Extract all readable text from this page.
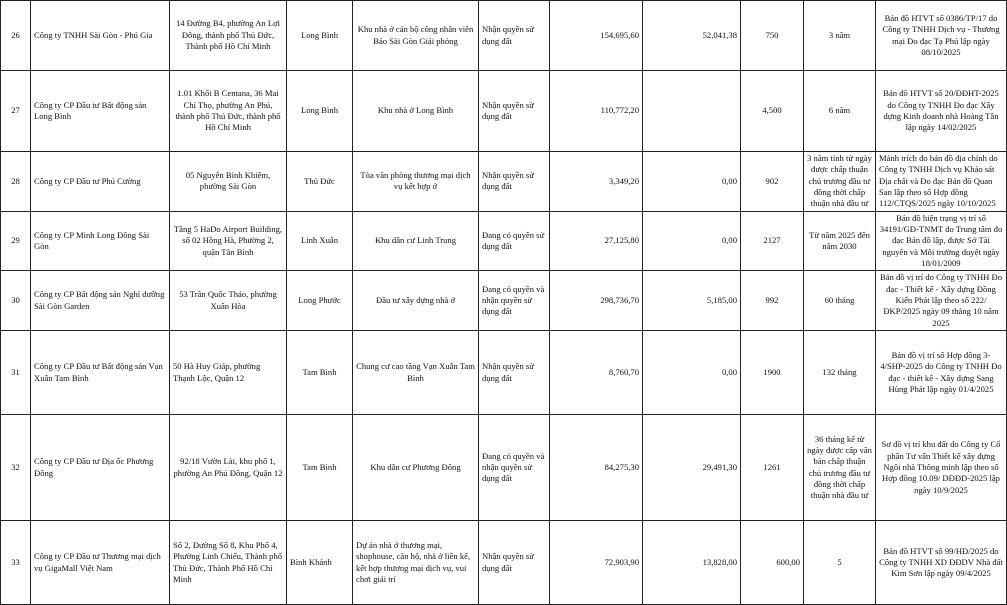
26	Công ty TNHH Sài Gòn - Phú Gia	14 Đường B4, phường An Lợi Đông, thành phố Thủ Đức, Thành phố Hồ Chí Minh	Long Bình	Khu nhà ở cán bộ công nhân viên Báo Sài Gòn Giải phóng	Nhận quyền sử dụng đất	154,695,60	52,041,38	750	3 năm	Bản đồ HTVT số 0386/TP/17 do Công ty TNHH Dịch vụ - Thương mại Đo đạc Tạ Phú lập ngày 08/10/2025
27	Công ty CP Đầu tư Bất động sản Long Bình	1.01 Khối B Centana, 36 Mai Chí Thọ, phường An Phú, thành phố Thủ Đức, thành phố Hồ Chí Minh	Long Bình	Khu nhà ở Long Bình	Nhận quyền sử dụng đất	110,772,20		4,500	6 năm	Bản đồ HTVT số 20/ĐĐHT-2025 do Công ty TNHH Đo đạc Xây dựng Kinh doanh nhà Hoàng Tân lập ngày 14/02/2025
28	Công ty CP Đầu tư Phú Cường	05 Nguyễn Bỉnh Khiêm, phường Sài Gòn	Thủ Đức	Tòa văn phòng thương mại dịch vụ kết hợp ở	Nhận quyền sử dụng đất	3,349,20	0,00	902	3 năm tính từ ngày được chấp thuận chủ trương đầu tư đồng thời chấp thuận nhà đầu tư	Mảnh trích đo bản đồ địa chính do Công ty TNHH Dịch vụ Khảo sát Địa chất và Đo đạc Bản đồ Quan San lập theo số Hợp đồng 112/CTQS/2025 ngày 10/10/2025
29	Công ty CP Minh Long Đông Sài Gòn	Tầng 5 HaDo Airport Building, số 02 Hồng Hà, Phường 2, quận Tân Bình	Linh Xuân	Khu dân cư Linh Trung	Đang có quyền sử dụng đất	27,125,80	0,00	2127	Từ năm 2025 đến năm 2030	Bản đồ hiện trạng vị trí số 34191/GĐ-TNMT do Trung tâm đo đạc Bản đồ lập, được Sở Tài nguyên và Môi trường duyệt ngày 18/01/2009
30	Công ty CP Bất động sản Nghỉ dưỡng Sài Gòn Garden	53 Trần Quốc Thảo, phường Xuân Hòa	Long Phước	Đầu tư xây dựng nhà ở	Đang có quyền và nhận quyền sử dụng đất	298,736,70	5,185,00	992	60 tháng	Bản đồ vị trí do Công ty TNHH Đo đạc - Thiết kế - Xây dựng Đồng Kiến Phát lập theo số 222/ĐKP/2025 ngày 09 tháng 10 năm 2025
31	Công ty CP Đầu tư Bất động sản Vạn Xuân Tam Bình	50 Hà Huy Giáp, phường Thạnh Lộc, Quận 12	Tam Bình	Chung cư cao tầng Vạn Xuân Tam Bình	Nhận quyền sử dụng đất	8,760,70	0,00	1900	132 tháng	Bản đồ vị trí số Hợp đồng 3-4/SHP-2025 do Công ty TNHH Đo đạc - thiết kế - Xây dựng Sang Hùng Phát lập ngày 01/4/2025
32	Công ty CP Đầu tư Địa ốc Phương Đông	92/18 Vườn Lài, khu phố 1, phường An Phú Đông, Quận 12	Tam Bình	Khu dân cư Phương Đông	Đang có quyền và nhận quyền sử dụng đất	84,275,30	29,491,30	1261	36 tháng kể từ ngày được cấp văn bản chấp thuận chủ trương đầu tư đồng thời chấp thuận nhà đầu tư	Sơ đồ vị trí khu đất do Công ty Cổ phần Tư vấn Thiết kế xây dựng Ngôi nhà Thông minh lập theo số Hợp đồng 10.09/ DĐĐD-2025 lập ngày 10/9/2025
33	Công ty CP Đầu tư Thương mại dịch vụ GigaMall Việt Nam	Số 2, Đường Số 8, Khu Phố 4, Phường Linh Chiểu, Thành phố Thủ Đức, Thành Phố Hồ Chí Minh	Bình Khánh	Dự án nhà ở thương mại, shophouse, căn hộ, nhà ở liền kế, kết hợp thương mại dịch vụ, vui chơi giải trí	Nhận quyền sử dụng đất	72,903,90	13,828,00	600,00	5	Bản đồ HTVT số 99/HĐ/2025 do Công ty TNHH XD ĐĐDV Nhà đất Kim Sơn lập ngày 09/4/2025
